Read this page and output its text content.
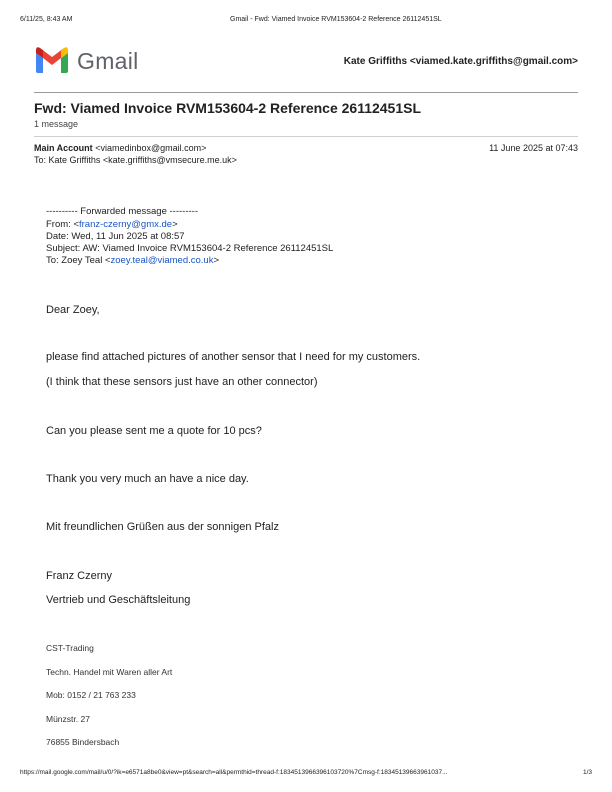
6/11/25, 8:43 AM	Gmail - Fwd: Viamed Invoice RVM153604-2 Reference 26112451SL
Gmail	Kate Griffiths <viamed.kate.griffiths@gmail.com>
Fwd: Viamed Invoice RVM153604-2 Reference 26112451SL
1 message
Main Account <viamedinbox@gmail.com>	11 June 2025 at 07:43
To: Kate Griffiths <kate.griffiths@vmsecure.me.uk>
---------- Forwarded message ---------
From: <franz-czerny@gmx.de>
Date: Wed, 11 Jun 2025 at 08:57
Subject: AW: Viamed Invoice RVM153604-2 Reference 26112451SL
To: Zoey Teal <zoey.teal@viamed.co.uk>
Dear Zoey,
please find attached pictures of another sensor that I need for my customers.
(I think that these sensors just have an other connector)
Can you please sent me a quote for 10 pcs?
Thank you very much an have a nice day.
Mit freundlichen Grüßen aus der sonnigen Pfalz
Franz Czerny
Vertrieb und Geschäftsleitung
CST-Trading
Techn. Handel mit Waren aller Art
Mob: 0152 / 21 763 233
Münzstr. 27
76855 Bindersbach
https://mail.google.com/mail/u/0/?ik=e6571a8be0&view=pt&search=all&permthid=thread-f:1834513966396103720%7Cmsg-f:18345139663961037...	1/3
